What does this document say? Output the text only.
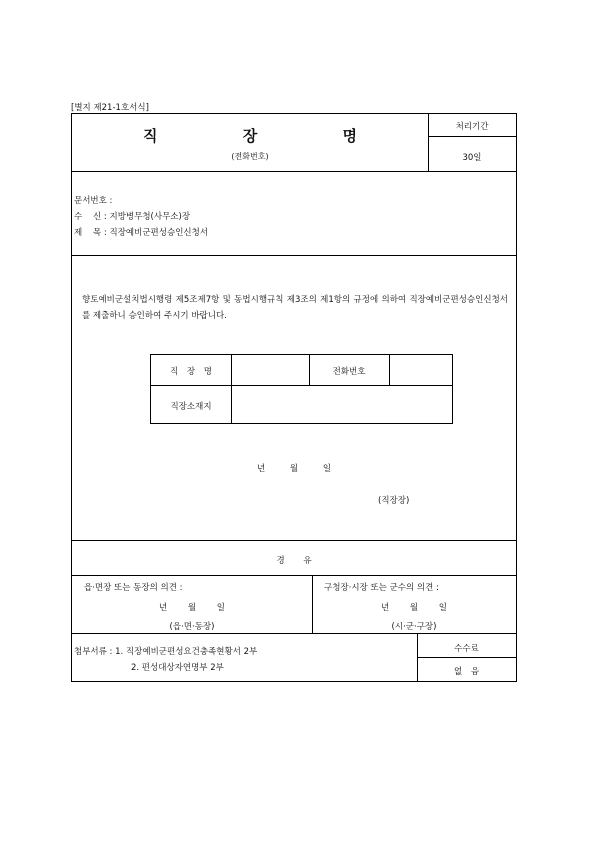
[별지 제21-1호서식]
직 장 명
(전화번호)
처리기간
30일
문서번호 :
수    신 : 지방병무청(사무소)장
제    목 : 직장예비군편성승인신청서
향토예비군설치법시행령 제5조제7항 및 동법시행규칙 제3조의 제1항의 규정에 의하여 직장예비군편성승인신청서를 제출하니 승인하여 주시기 바랍니다.
직 장 명	전화번호
직장소재지
년 월 일
(직장장)
경 유
읍·면장 또는 동장의 의견 :
년 월 일
(읍·면·동장)
구청장·시장 또는 군수의 의견 :
년 월 일
(시·군·구장)
첨부서류 : 1. 직장예비군편성요건충족현황서 2부
2. 편성대상자연명부 2부
수수료
없 음
